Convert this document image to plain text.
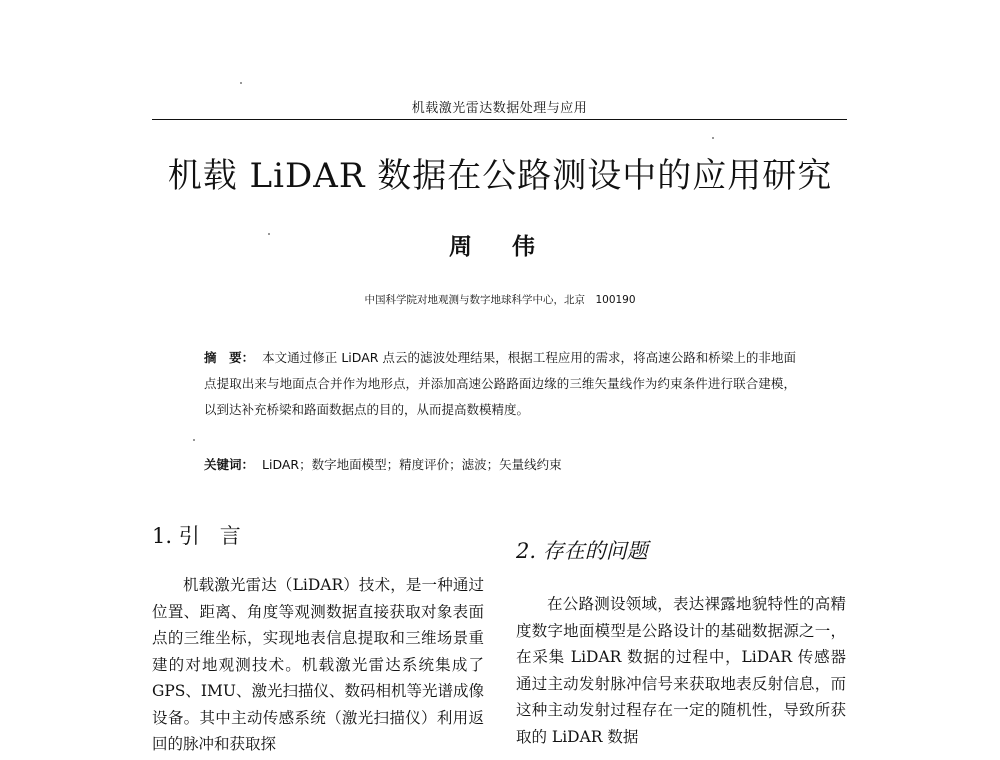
机载激光雷达数据处理与应用
机载 LiDAR 数据在公路测设中的应用研究
周 伟
中国科学院对地观测与数字地球科学中心，北京　100190
摘　要： 本文通过修正 LiDAR 点云的滤波处理结果，根据工程应用的需求，将高速公路和桥梁上的非地面点提取出来与地面点合并作为地形点，并添加高速公路路面边缘的三维矢量线作为约束条件进行联合建模，以到达补充桥梁和路面数据点的目的，从而提高数模精度。
关键词： LiDAR；数字地面模型；精度评价；滤波；矢量线约束
1. 引 言

机载激光雷达（LiDAR）技术，是一种通过位置、距离、角度等观测数据直接获取对象表面点的三维坐标，实现地表信息提取和三维场景重建的对地观测技术。机载激光雷达系统集成了 GPS、IMU、激光扫描仪、数码相机等光谱成像设备。其中主动传感系统（激光扫描仪）利用返回的脉冲和获取探

2. 存在的问题

在公路测设领域，表达裸露地貌特性的高精度数字地面模型是公路设计的基础数据源之一，在采集 LiDAR 数据的过程中，LiDAR 传感器通过主动发射脉冲信号来获取地表反射信息，而这种主动发射过程存在一定的随机性，导致所获取的 LiDAR 数据
